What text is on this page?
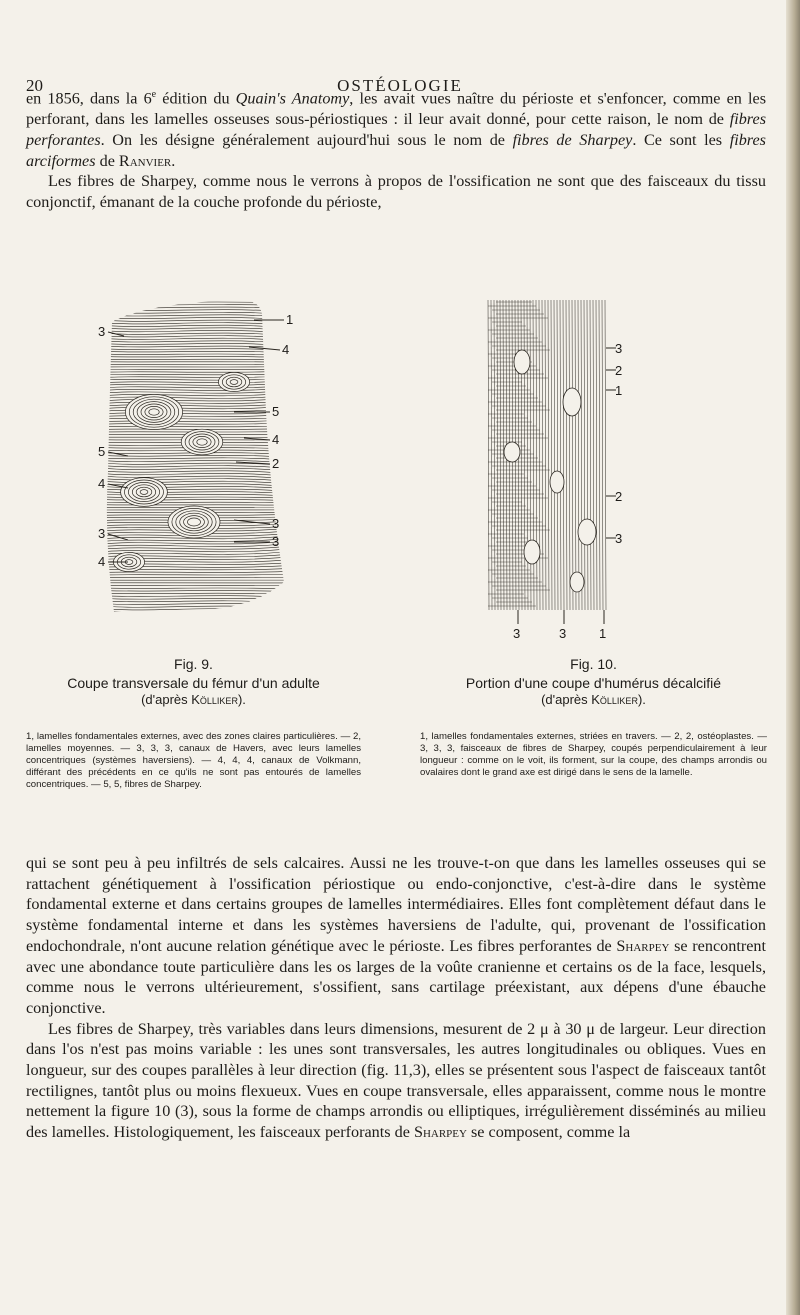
20	OSTÉOLOGIE

en 1856, dans la 6e édition du Quain's Anatomy, les avait vues naître du périoste et s'enfoncer, comme en les perforant, dans les lamelles osseuses sous-périostiques : il leur avait donné, pour cette raison, le nom de fibres perforantes. On les désigne généralement aujourd'hui sous le nom de fibres de Sharpey. Ce sont les fibres arciformes de Ranvier.

Les fibres de Sharpey, comme nous le verrons à propos de l'ossification ne sont que des faisceaux du tissu conjonctif, émanant de la couche profonde du périoste,

1
4
5
4
2
3
3
3
5
4
3
4
3
2
1
2
3
3	3	1
Fig. 9.
Coupe transversale du fémur d'un adulte
(d'après Kölliker).
Fig. 10.
Portion d'une coupe d'humérus décalcifié
(d'après Kölliker).
1, lamelles fondamentales externes, avec des zones claires particulières. — 2, lamelles moyennes. — 3, 3, 3, canaux de Havers, avec leurs lamelles concentriques (systèmes haversiens). — 4, 4, 4, canaux de Volkmann, différant des précédents en ce qu'ils ne sont pas entourés de lamelles concentriques. — 5, 5, fibres de Sharpey.
1, lamelles fondamentales externes, striées en travers. — 2, 2, ostéoplastes. — 3, 3, 3, faisceaux de fibres de Sharpey, coupés perpendiculairement à leur longueur : comme on le voit, ils forment, sur la coupe, des champs arrondis ou ovalaires dont le grand axe est dirigé dans le sens de la lamelle.

qui se sont peu à peu infiltrés de sels calcaires. Aussi ne les trouve-t-on que dans les lamelles osseuses qui se rattachent génétiquement à l'ossification périostique ou endo-conjonctive, c'est-à-dire dans le système fondamental externe et dans certains groupes de lamelles intermédiaires. Elles font complètement défaut dans le système fondamental interne et dans les systèmes haversiens de l'adulte, qui, provenant de l'ossification endochondrale, n'ont aucune relation génétique avec le périoste. Les fibres perforantes de Sharpey se rencontrent avec une abondance toute particulière dans les os larges de la voûte cranienne et certains os de la face, lesquels, comme nous le verrons ultérieurement, s'ossifient, sans cartilage préexistant, aux dépens d'une ébauche conjonctive.

Les fibres de Sharpey, très variables dans leurs dimensions, mesurent de 2 μ à 30 μ de largeur. Leur direction dans l'os n'est pas moins variable : les unes sont transversales, les autres longitudinales ou obliques. Vues en longueur, sur des coupes parallèles à leur direction (fig. 11,3), elles se présentent sous l'aspect de faisceaux tantôt rectilignes, tantôt plus ou moins flexueux. Vues en coupe transversale, elles apparaissent, comme nous le montre nettement la figure 10 (3), sous la forme de champs arrondis ou elliptiques, irrégulièrement disséminés au milieu des lamelles. Histologiquement, les faisceaux perforants de Sharpey se composent, comme la
